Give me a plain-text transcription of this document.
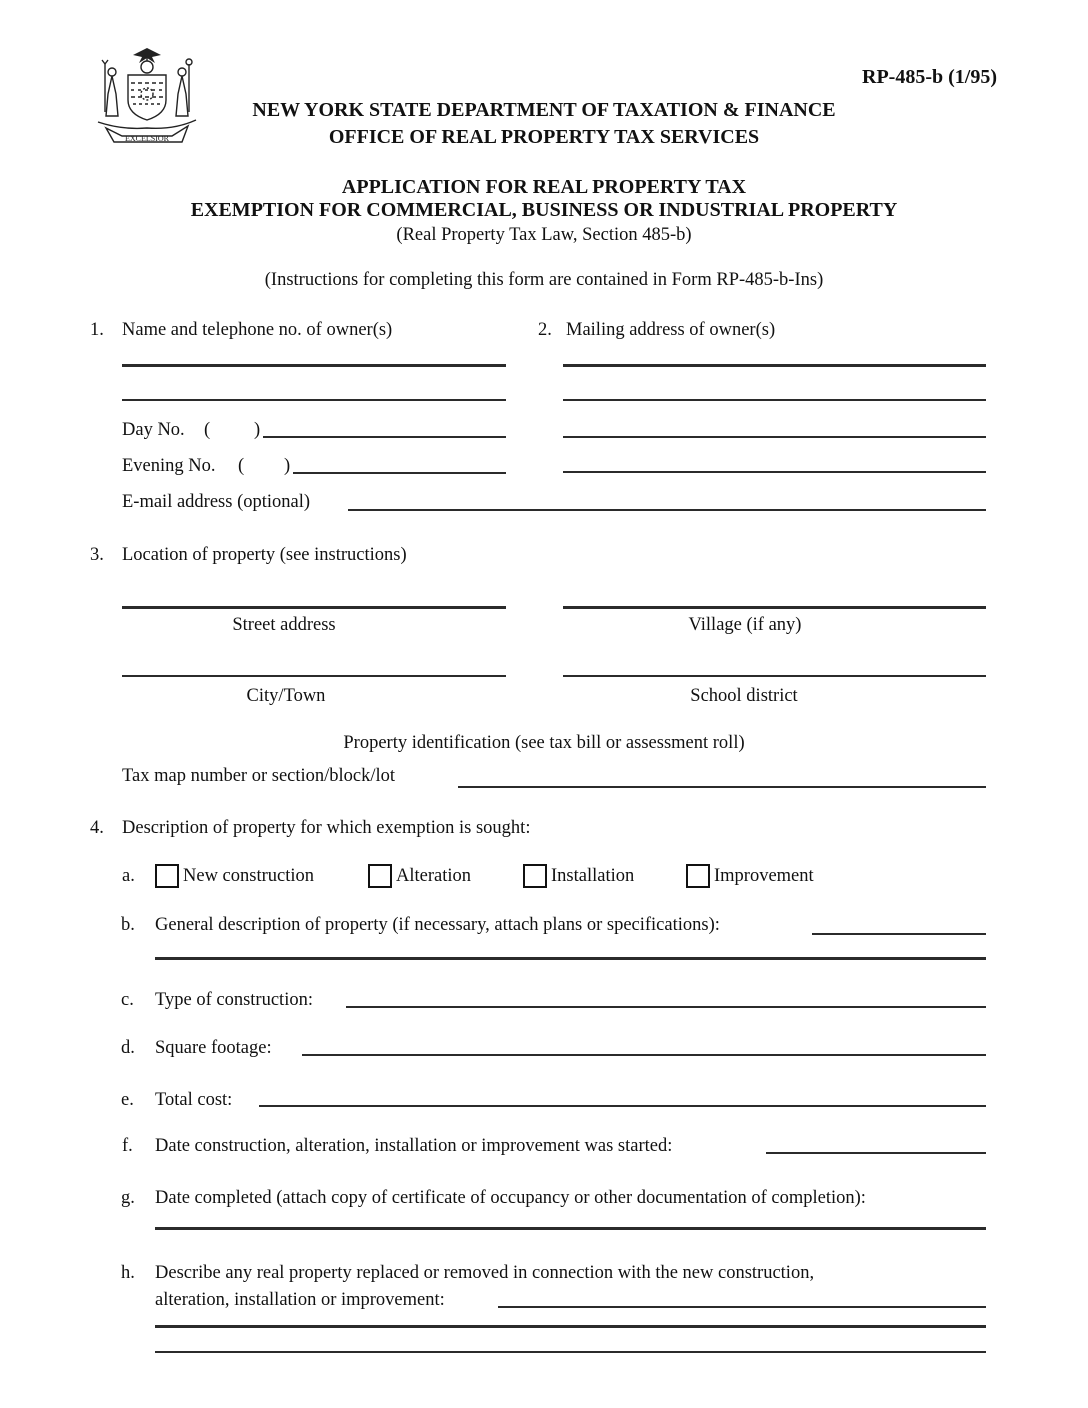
EXCELSIOR
RP-485-b (1/95)
NEW YORK STATE DEPARTMENT OF TAXATION & FINANCE
OFFICE OF REAL PROPERTY TAX SERVICES
APPLICATION FOR REAL PROPERTY TAX
EXEMPTION FOR COMMERCIAL, BUSINESS OR INDUSTRIAL PROPERTY
(Real Property Tax Law, Section 485-b)
(Instructions for completing this form are contained in Form RP-485-b-Ins)
1. Name and telephone no. of owner(s)	2. Mailing address of owner(s)
Day No. ( )
Evening No. ( )
E-mail address (optional)
3. Location of property (see instructions)
Street address	Village (if any)
City/Town	School district
Property identification (see tax bill or assessment roll)
Tax map number or section/block/lot
4. Description of property for which exemption is sought:
a.	New construction	Alteration	Installation	Improvement
b. General description of property (if necessary, attach plans or specifications):
c. Type of construction:
d. Square footage:
e. Total cost:
f. Date construction, alteration, installation or improvement was started:
g. Date completed (attach copy of certificate of occupancy or other documentation of completion):
h. Describe any real property replaced or removed in connection with the new construction,
alteration, installation or improvement:
